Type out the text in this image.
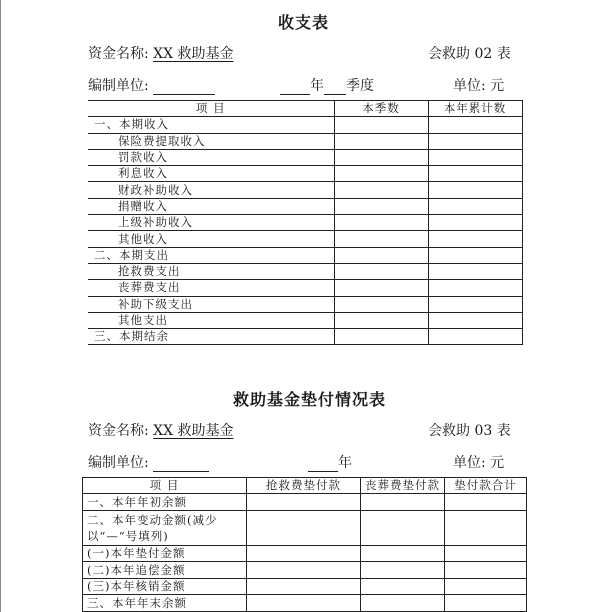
收支表
资金名称: XX 救助基金	会救助 02 表
编制单位:	年 季度	单位: 元
项 目	本季数	本年累计数
一、本期收入		
保险费提取收入		
罚款收入		
利息收入		
财政补助收入		
捐赠收入		
上级补助收入		
其他收入		
二、本期支出		
抢救费支出		
丧葬费支出		
补助下级支出		
其他支出		
三、本期结余		
救助基金垫付情况表
资金名称: XX 救助基金	会救助 03 表
编制单位:	年	单位: 元
项 目	抢救费垫付款	丧葬费垫付款	垫付款合计
一、本年年初余额			
二、本年变动金额(减少以“—”号填列)			
(一)本年垫付金额			
(二)本年追偿金额			
(三)本年核销金额			
三、本年年末余额			
